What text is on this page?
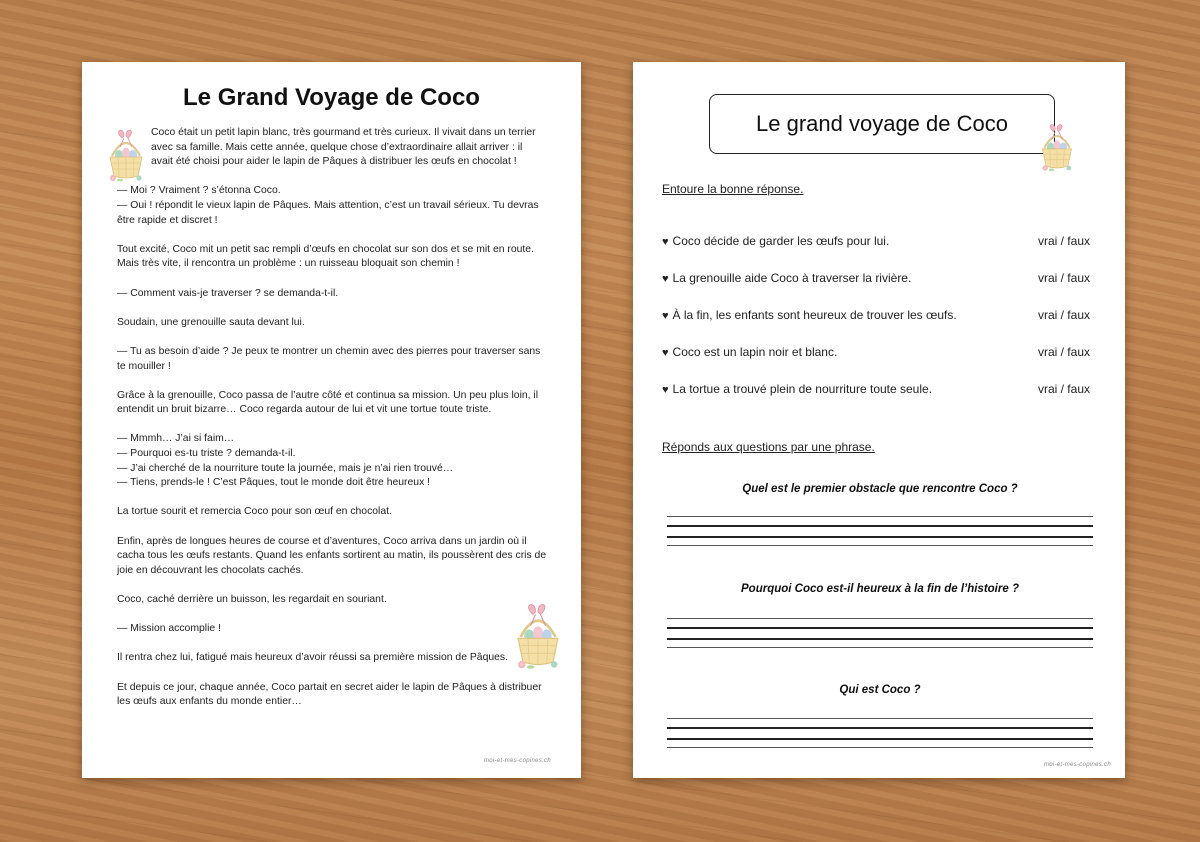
Le Grand Voyage de Coco

Coco était un petit lapin blanc, très gourmand et très curieux. Il vivait dans un terrier avec sa famille. Mais cette année, quelque chose d’extraordinaire allait arriver : il avait été choisi pour aider le lapin de Pâques à distribuer les œufs en chocolat !

— Moi ? Vraiment ? s’étonna Coco.

— Oui ! répondit le vieux lapin de Pâques. Mais attention, c’est un travail sérieux. Tu devras être rapide et discret !

Tout excité, Coco mit un petit sac rempli d’œufs en chocolat sur son dos et se mit en route. Mais très vite, il rencontra un problème : un ruisseau bloquait son chemin !

— Comment vais-je traverser ? se demanda-t-il.

Soudain, une grenouille sauta devant lui.

— Tu as besoin d’aide ? Je peux te montrer un chemin avec des pierres pour traverser sans te mouiller !

Grâce à la grenouille, Coco passa de l’autre côté et continua sa mission. Un peu plus loin, il entendit un bruit bizarre… Coco regarda autour de lui et vit une tortue toute triste.

— Mmmh… J’ai si faim…

— Pourquoi es-tu triste ? demanda-t-il.

— J’ai cherché de la nourriture toute la journée, mais je n’ai rien trouvé…

— Tiens, prends-le ! C’est Pâques, tout le monde doit être heureux !

La tortue sourit et remercia Coco pour son œuf en chocolat.

Enfin, après de longues heures de course et d’aventures, Coco arriva dans un jardin où il cacha tous les œufs restants. Quand les enfants sortirent au matin, ils poussèrent des cris de joie en découvrant les chocolats cachés.

Coco, caché derrière un buisson, les regardait en souriant.

— Mission accomplie !

Il rentra chez lui, fatigué mais heureux d’avoir réussi sa première mission de Pâques.

Et depuis ce jour, chaque année, Coco partait en secret aider le lapin de Pâques à distribuer les œufs aux enfants du monde entier…

moi-et-mes-copines.ch
Le grand voyage de Coco
Entoure la bonne réponse.
♥ Coco décide de garder les œufs pour lui.	vrai / faux
♥ La grenouille aide Coco à traverser la rivière.	vrai / faux
♥ À la fin, les enfants sont heureux de trouver les œufs.	vrai / faux
♥ Coco est un lapin noir et blanc.	vrai / faux
♥ La tortue a trouvé plein de nourriture toute seule.	vrai / faux
Réponds aux questions par une phrase.
Quel est le premier obstacle que rencontre Coco ?
Pourquoi Coco est-il heureux à la fin de l’histoire ?
Qui est Coco ?
moi-et-mes-copines.ch
